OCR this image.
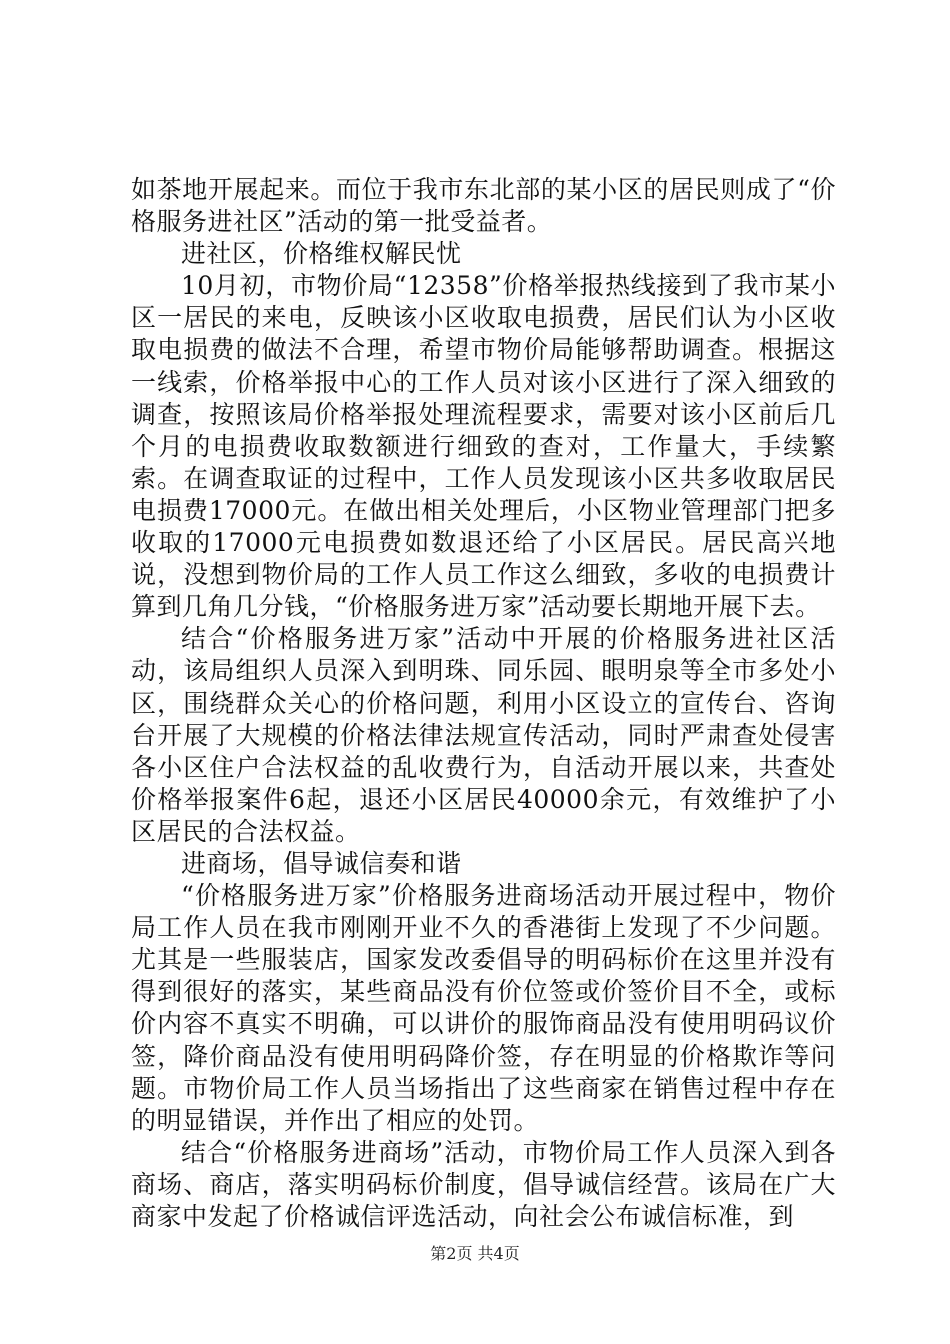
如茶地开展起来。而位于我市东北部的某小区的居民则成了“价格服务进社区”活动的第一批受益者。

进社区，价格维权解民忧

10月初，市物价局“12358”价格举报热线接到了我市某小区一居民的来电，反映该小区收取电损费，居民们认为小区收取电损费的做法不合理，希望市物价局能够帮助调查。根据这一线索，价格举报中心的工作人员对该小区进行了深入细致的调查，按照该局价格举报处理流程要求，需要对该小区前后几个月的电损费收取数额进行细致的查对，工作量大，手续繁索。在调查取证的过程中，工作人员发现该小区共多收取居民电损费17000元。在做出相关处理后，小区物业管理部门把多收取的17000元电损费如数退还给了小区居民。居民高兴地说，没想到物价局的工作人员工作这么细致，多收的电损费计算到几角几分钱，“价格服务进万家”活动要长期地开展下去。

结合“价格服务进万家”活动中开展的价格服务进社区活动，该局组织人员深入到明珠、同乐园、眼明泉等全市多处小区，围绕群众关心的价格问题，利用小区设立的宣传台、咨询台开展了大规模的价格法律法规宣传活动，同时严肃查处侵害各小区住户合法权益的乱收费行为，自活动开展以来，共查处价格举报案件6起，退还小区居民40000余元，有效维护了小区居民的合法权益。

进商场，倡导诚信奏和谐

“价格服务进万家”价格服务进商场活动开展过程中，物价局工作人员在我市刚刚开业不久的香港街上发现了不少问题。尤其是一些服装店，国家发改委倡导的明码标价在这里并没有得到很好的落实，某些商品没有价位签或价签价目不全，或标价内容不真实不明确，可以讲价的服饰商品没有使用明码议价签，降价商品没有使用明码降价签，存在明显的价格欺诈等问题。市物价局工作人员当场指出了这些商家在销售过程中存在的明显错误，并作出了相应的处罚。

结合“价格服务进商场”活动，市物价局工作人员深入到各商场、商店，落实明码标价制度，倡导诚信经营。该局在广大商家中发起了价格诚信评选活动，向社会公布诚信标准，到

第2页 共4页
